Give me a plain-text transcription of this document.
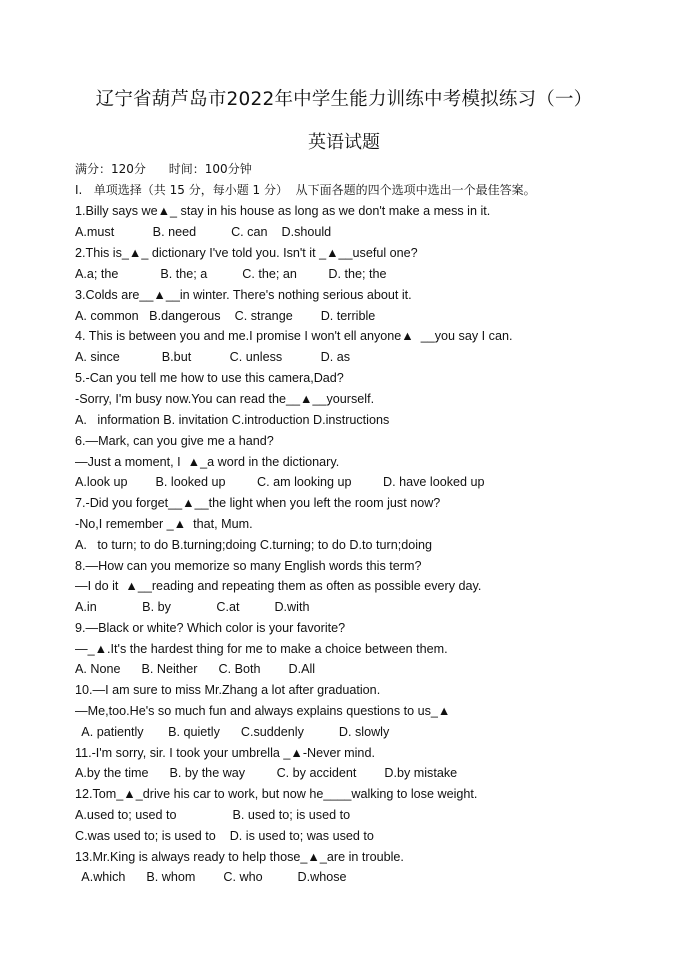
辽宁省葫芦岛市2022年中学生能力训练中考模拟练习（一）
英语试题
满分：120分      时间：100分钟
I.   单项选择（共 15 分，每小题 1 分）  从下面各题的四个选项中选出一个最佳答案。
1.Billy says we▲_ stay in his house as long as we don't make a mess in it.
A.must           B. need          C. can    D.should
2.This is_▲_ dictionary I've told you. Isn't it _▲__useful one?
A.a; the            B. the; a          C. the; an         D. the; the
3.Colds are__▲__in winter. There's nothing serious about it.
A. common   B.dangerous    C. strange        D. terrible
4. This is between you and me.I promise I won't ell anyone▲  __you say I can.
A. since            B.but           C. unless           D. as
5.-Can you tell me how to use this camera,Dad?
-Sorry, I'm busy now.You can read the__▲__yourself.
A.   information B. invitation C.introduction D.instructions
6.—Mark, can you give me a hand?
—Just a moment, I  ▲_a word in the dictionary.
A.look up        B. looked up         C. am looking up         D. have looked up
7.-Did you forget__▲__the light when you left the room just now?
-No,I remember _▲  that, Mum.
A.   to turn; to do B.turning;doing C.turning; to do D.to turn;doing
8.—How can you memorize so many English words this term?
—I do it  ▲__reading and repeating them as often as possible every day.
A.in             B. by             C.at          D.with
9.—Black or white? Which color is your favorite?
—_▲.It's the hardest thing for me to make a choice between them.
A. None      B. Neither      C. Both        D.All
10.—I am sure to miss Mr.Zhang a lot after graduation.
—Me,too.He's so much fun and always explains questions to us_▲
A. patiently       B. quietly      C.suddenly          D. slowly
11.-I'm sorry, sir. I took your umbrella _▲-Never mind.
A.by the time      B. by the way         C. by accident        D.by mistake
12.Tom_▲_drive his car to work, but now he____walking to lose weight.
A.used to; used to                B. used to; is used to
C.was used to; is used to    D. is used to; was used to
13.Mr.King is always ready to help those_▲_are in trouble.
A.which      B. whom        C. who          D.whose
